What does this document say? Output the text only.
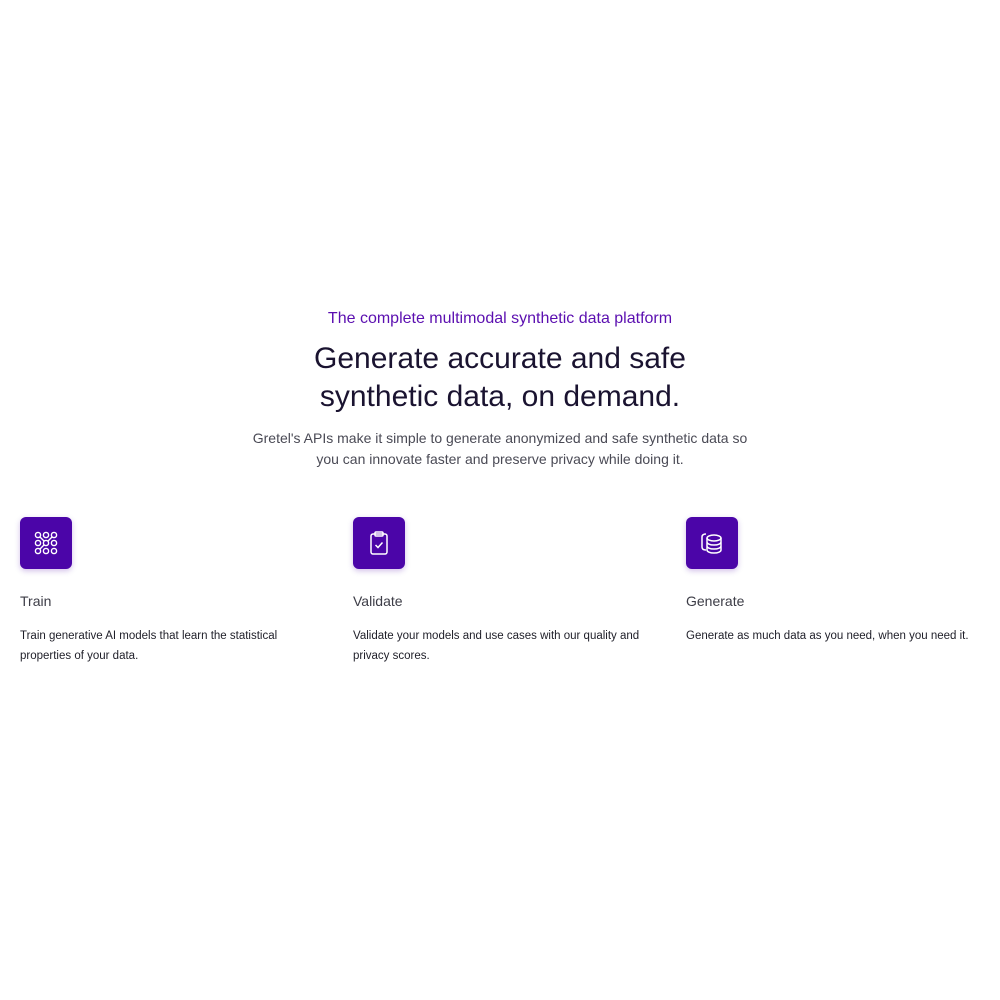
The complete multimodal synthetic data platform

Generate accurate and safe
synthetic data, on demand.

Gretel's APIs make it simple to generate anonymized and safe synthetic data so you can innovate faster and preserve privacy while doing it.

Train
Train generative AI models that learn the statistical properties of your data.
Validate
Validate your models and use cases with our quality and privacy scores.
Generate
Generate as much data as you need, when you need it.
